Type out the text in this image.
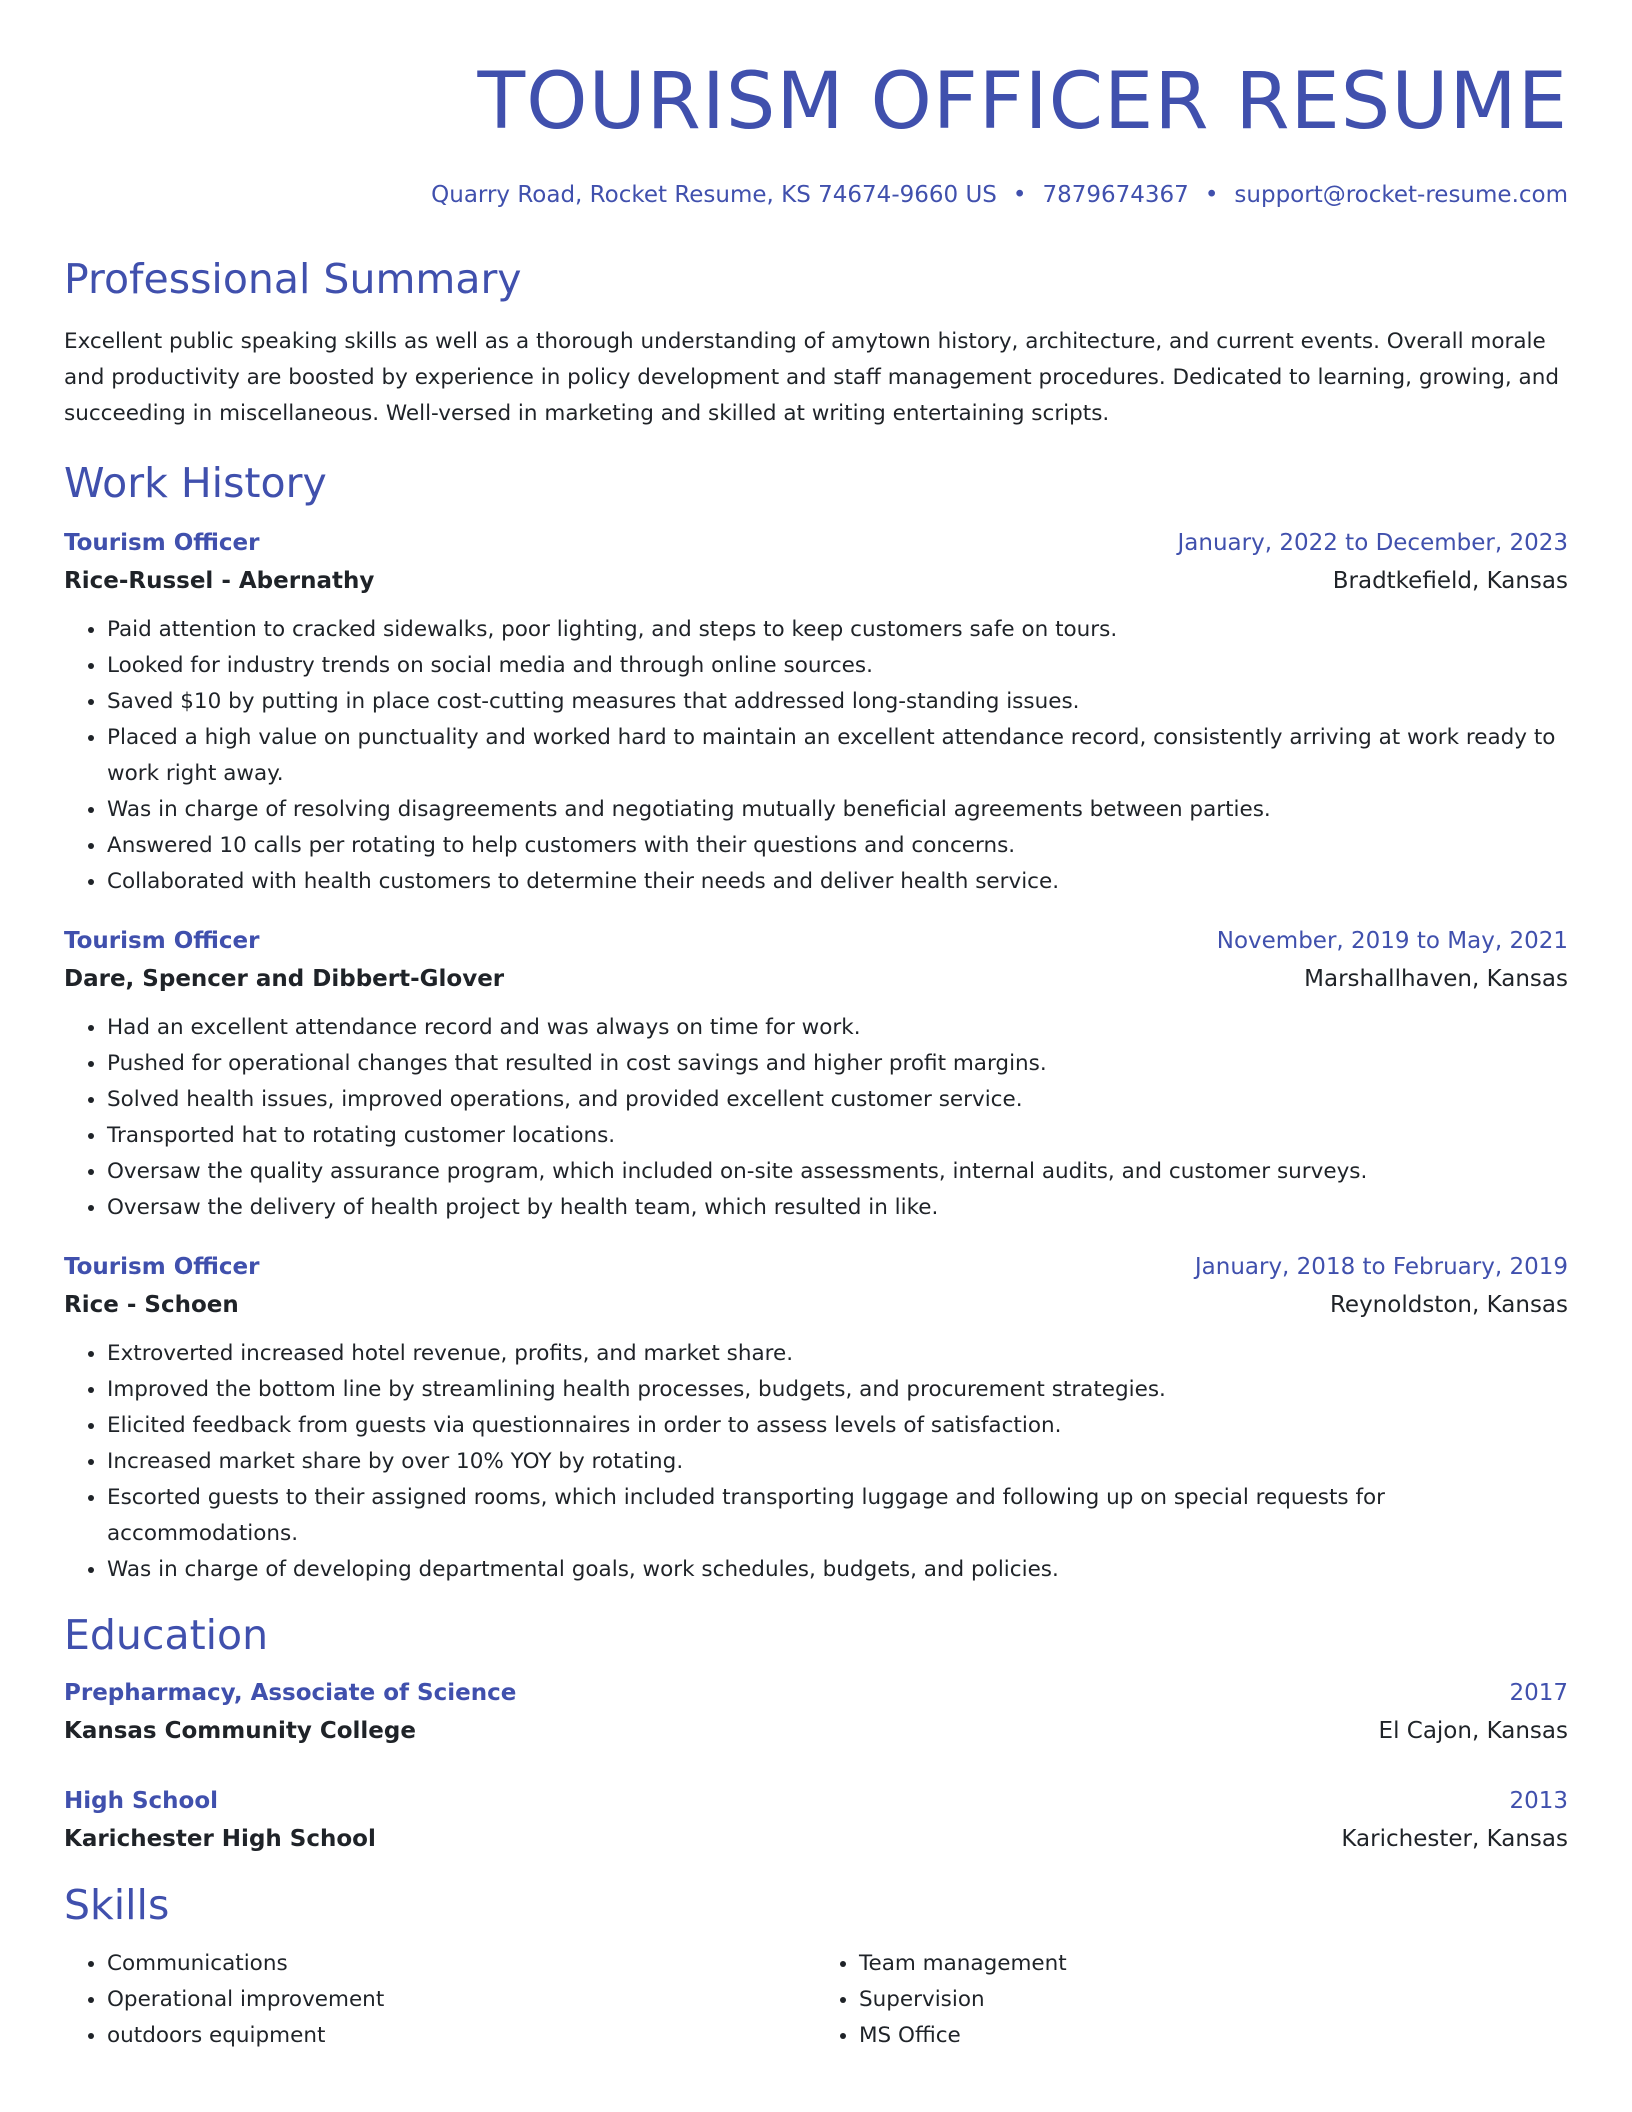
TOURISM OFFICER RESUME
Quarry Road, Rocket Resume, KS 74674-9660 US • 7879674367 • support@rocket-resume.com
Professional Summary
Excellent public speaking skills as well as a thorough understanding of amytown history, architecture, and current events. Overall morale and productivity are boosted by experience in policy development and staff management procedures. Dedicated to learning, growing, and succeeding in miscellaneous. Well-versed in marketing and skilled at writing entertaining scripts.
Work History
Tourism Officer	January, 2022 to December, 2023
Rice-Russel - Abernathy	Bradtkefield, Kansas
• Paid attention to cracked sidewalks, poor lighting, and steps to keep customers safe on tours.
• Looked for industry trends on social media and through online sources.
• Saved $10 by putting in place cost-cutting measures that addressed long-standing issues.
• Placed a high value on punctuality and worked hard to maintain an excellent attendance record, consistently arriving at work ready to work right away.
• Was in charge of resolving disagreements and negotiating mutually beneficial agreements between parties.
• Answered 10 calls per rotating to help customers with their questions and concerns.
• Collaborated with health customers to determine their needs and deliver health service.
Tourism Officer	November, 2019 to May, 2021
Dare, Spencer and Dibbert-Glover	Marshallhaven, Kansas
• Had an excellent attendance record and was always on time for work.
• Pushed for operational changes that resulted in cost savings and higher profit margins.
• Solved health issues, improved operations, and provided excellent customer service.
• Transported hat to rotating customer locations.
• Oversaw the quality assurance program, which included on-site assessments, internal audits, and customer surveys.
• Oversaw the delivery of health project by health team, which resulted in like.
Tourism Officer	January, 2018 to February, 2019
Rice - Schoen	Reynoldston, Kansas
• Extroverted increased hotel revenue, profits, and market share.
• Improved the bottom line by streamlining health processes, budgets, and procurement strategies.
• Elicited feedback from guests via questionnaires in order to assess levels of satisfaction.
• Increased market share by over 10% YOY by rotating.
• Escorted guests to their assigned rooms, which included transporting luggage and following up on special requests for accommodations.
• Was in charge of developing departmental goals, work schedules, budgets, and policies.
Education
Prepharmacy, Associate of Science	2017
Kansas Community College	El Cajon, Kansas
High School	2013
Karichester High School	Karichester, Kansas
Skills
• Communications
• Operational improvement
• outdoors equipment
• Team management
• Supervision
• MS Office
